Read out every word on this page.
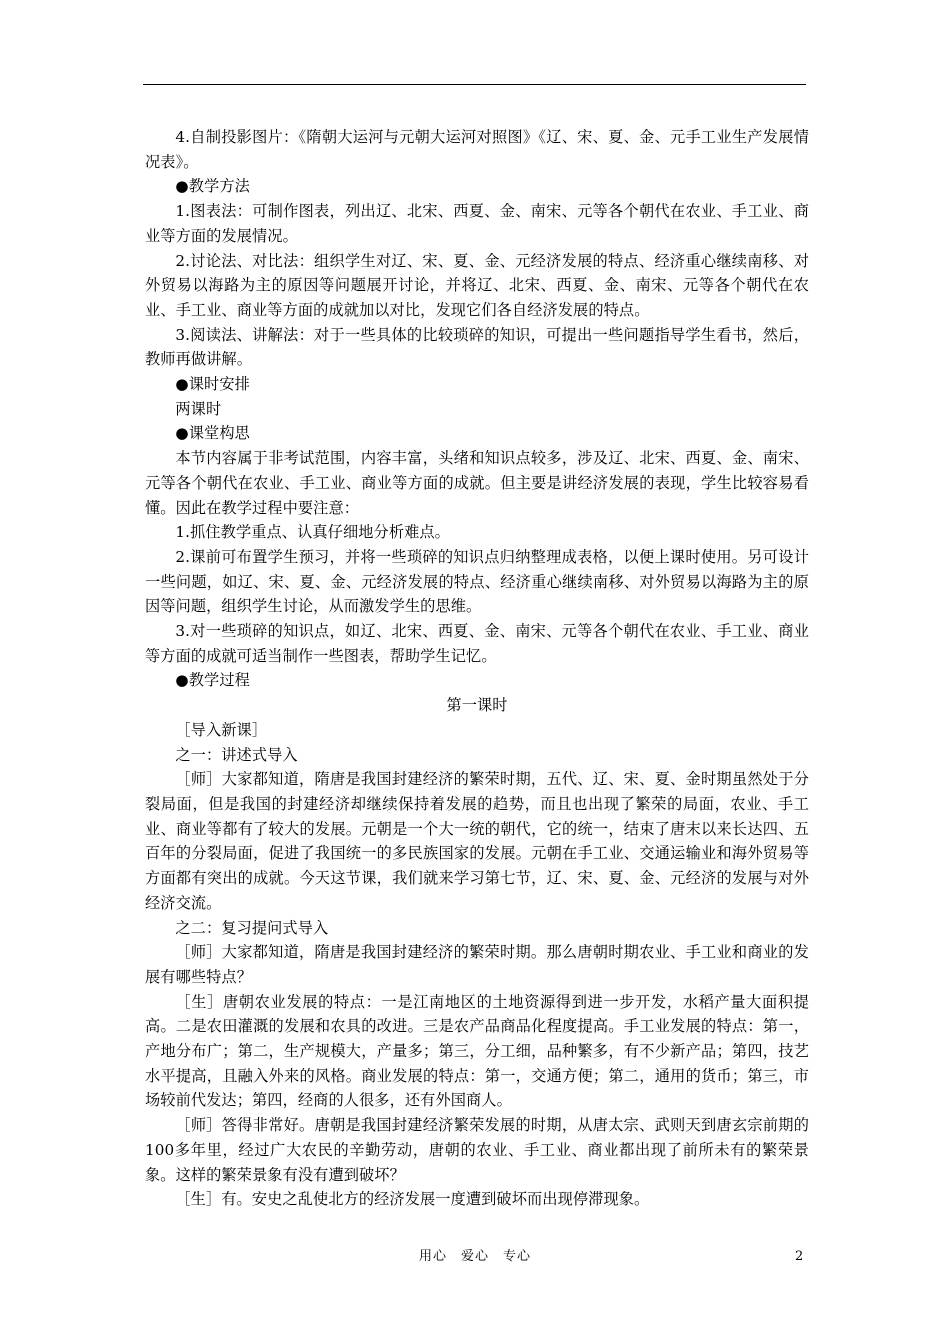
4.自制投影图片：《隋朝大运河与元朝大运河对照图》《辽、宋、夏、金、元手工业生产发展情况表》。

●教学方法

1.图表法：可制作图表，列出辽、北宋、西夏、金、南宋、元等各个朝代在农业、手工业、商业等方面的发展情况。

2.讨论法、对比法：组织学生对辽、宋、夏、金、元经济发展的特点、经济重心继续南移、对外贸易以海路为主的原因等问题展开讨论，并将辽、北宋、西夏、金、南宋、元等各个朝代在农业、手工业、商业等方面的成就加以对比，发现它们各自经济发展的特点。

3.阅读法、讲解法：对于一些具体的比较琐碎的知识，可提出一些问题指导学生看书，然后，教师再做讲解。

●课时安排

两课时

●课堂构思

本节内容属于非考试范围，内容丰富，头绪和知识点较多，涉及辽、北宋、西夏、金、南宋、元等各个朝代在农业、手工业、商业等方面的成就。但主要是讲经济发展的表现，学生比较容易看懂。因此在教学过程中要注意：

1.抓住教学重点、认真仔细地分析难点。

2.课前可布置学生预习，并将一些琐碎的知识点归纳整理成表格，以便上课时使用。另可设计一些问题，如辽、宋、夏、金、元经济发展的特点、经济重心继续南移、对外贸易以海路为主的原因等问题，组织学生讨论，从而激发学生的思维。

3.对一些琐碎的知识点，如辽、北宋、西夏、金、南宋、元等各个朝代在农业、手工业、商业等方面的成就可适当制作一些图表，帮助学生记忆。

●教学过程

第一课时

［导入新课］

之一：讲述式导入

［师］大家都知道，隋唐是我国封建经济的繁荣时期，五代、辽、宋、夏、金时期虽然处于分裂局面，但是我国的封建经济却继续保持着发展的趋势，而且也出现了繁荣的局面，农业、手工业、商业等都有了较大的发展。元朝是一个大一统的朝代，它的统一，结束了唐末以来长达四、五百年的分裂局面，促进了我国统一的多民族国家的发展。元朝在手工业、交通运输业和海外贸易等方面都有突出的成就。今天这节课，我们就来学习第七节，辽、宋、夏、金、元经济的发展与对外经济交流。

之二：复习提问式导入

［师］大家都知道，隋唐是我国封建经济的繁荣时期。那么唐朝时期农业、手工业和商业的发展有哪些特点？

［生］唐朝农业发展的特点：一是江南地区的土地资源得到进一步开发，水稻产量大面积提高。二是农田灌溉的发展和农具的改进。三是农产品商品化程度提高。手工业发展的特点：第一，产地分布广；第二，生产规模大，产量多；第三，分工细，品种繁多，有不少新产品；第四，技艺水平提高，且融入外来的风格。商业发展的特点：第一，交通方便；第二，通用的货币；第三，市场较前代发达；第四，经商的人很多，还有外国商人。

［师］答得非常好。唐朝是我国封建经济繁荣发展的时期，从唐太宗、武则天到唐玄宗前期的100多年里，经过广大农民的辛勤劳动，唐朝的农业、手工业、商业都出现了前所未有的繁荣景象。这样的繁荣景象有没有遭到破坏？

［生］有。安史之乱使北方的经济发展一度遭到破坏而出现停滞现象。

用心　爱心　专心	2
